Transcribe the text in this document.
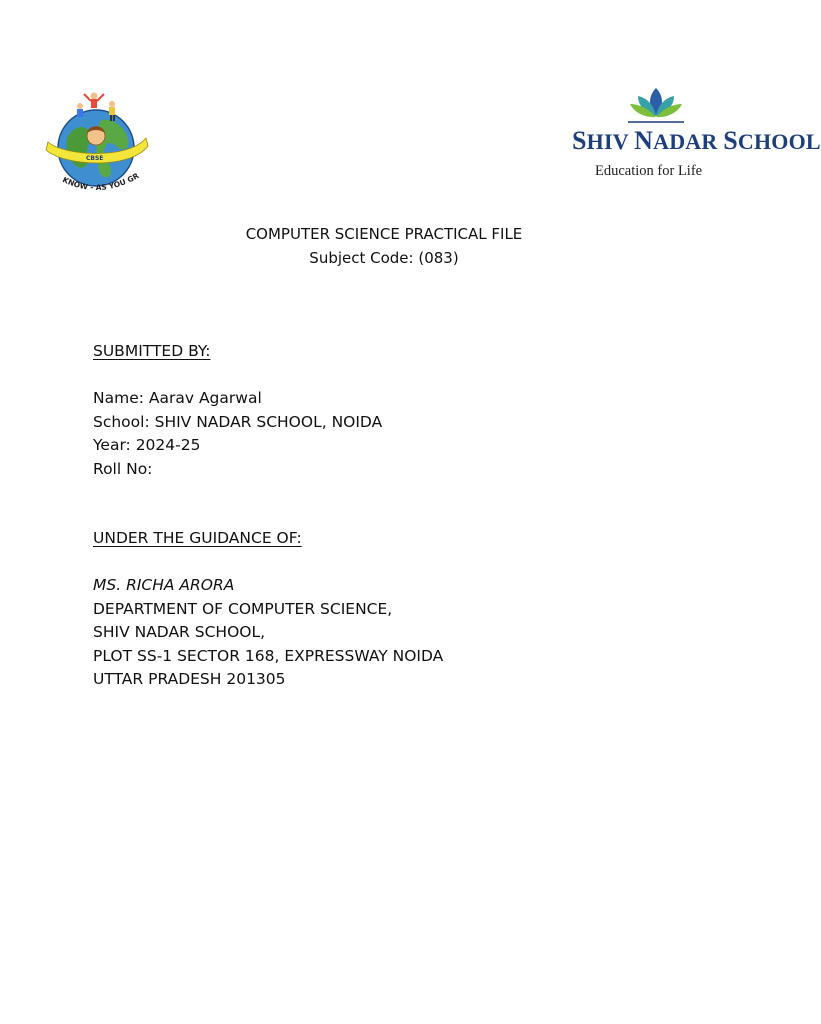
CBSE
KNOW - AS YOU GR
SHIV NADAR SCHOOL
Education for Life
COMPUTER SCIENCE PRACTICAL FILE
Subject Code: (083)
SUBMITTED BY:
Name: Aarav Agarwal
School: SHIV NADAR SCHOOL, NOIDA
Year: 2024-25
Roll No:
UNDER THE GUIDANCE OF:
MS. RICHA ARORA
DEPARTMENT OF COMPUTER SCIENCE,
SHIV NADAR SCHOOL,
PLOT SS-1 SECTOR 168, EXPRESSWAY NOIDA
UTTAR PRADESH 201305
